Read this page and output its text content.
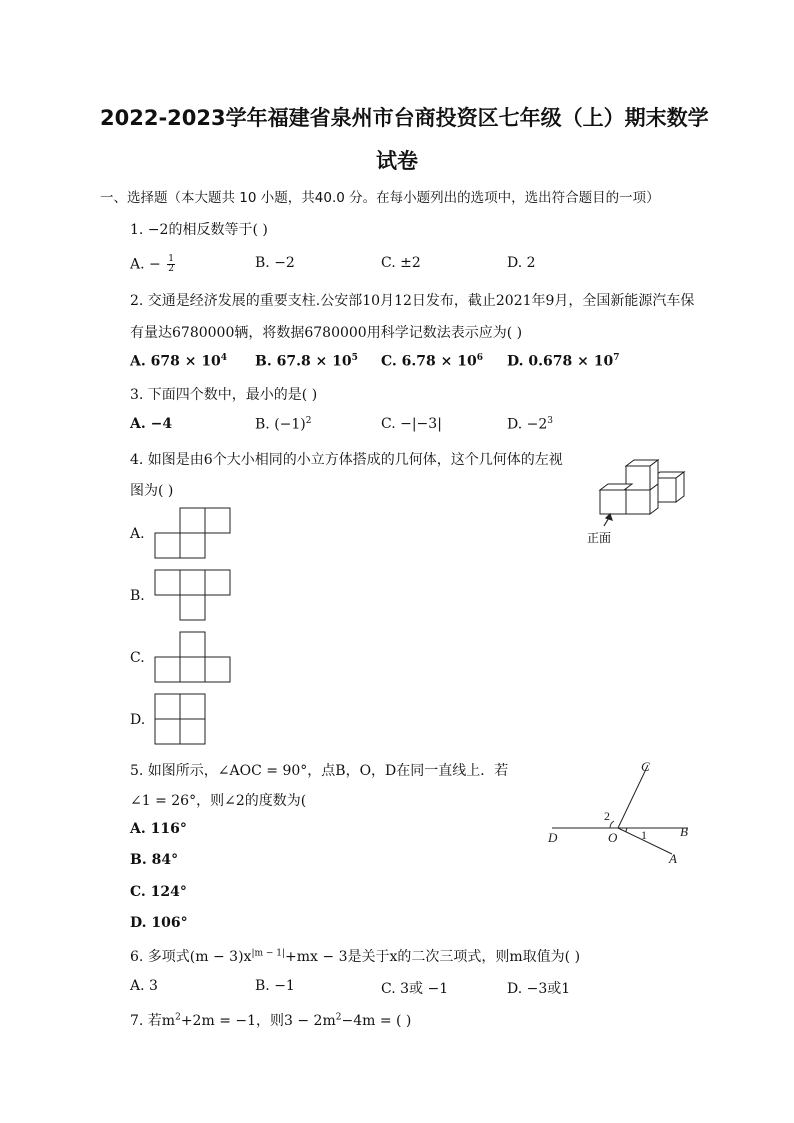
2022-2023学年福建省泉州市台商投资区七年级（上）期末数学
试卷
一、选择题（本大题共 10 小题，共40.0 分。在每小题列出的选项中，选出符合题目的一项）
1. −2的相反数等于( )
A. − $\frac{1}{2}$	B. −2	C. ±2	D. 2
2. 交通是经济发展的重要支柱.公安部10月12日发布，截止2021年9月，全国新能源汽车保
有量达6780000辆，将数据6780000用科学记数法表示应为( )
A. $678 \times 10^4$ B. $67.8 \times 10^5$ C. $6.78 \times 10^6$ D. $0.678 \times 10^7$
3. 下面四个数中，最小的是( )
A. −4	B. $(-1)^2$	C. −|−3|	D. $-2^3$
4. 如图是由6个大小相同的小立方体搭成的几何体，这个几何体的左视
图为( )
正面
A.
B.
C.
D.
5. 如图所示，∠AOC = 90°，点B，O，D在同一直线上．若
∠1 = 26°，则∠2的度数为(
A. 116°
B. 84°
C. 124°
D. 106°
C
D	O	B
A
2
1
6. 多项式$(m - 3)x^{|m - 1|}+mx - 3$是关于x的二次三项式，则m取值为( )
A. 3	B. −1	C. 3或 −1	D. −3或1
7. 若$m^2+2m = -1$，则$3 - 2m^2-4m$ = ( )
